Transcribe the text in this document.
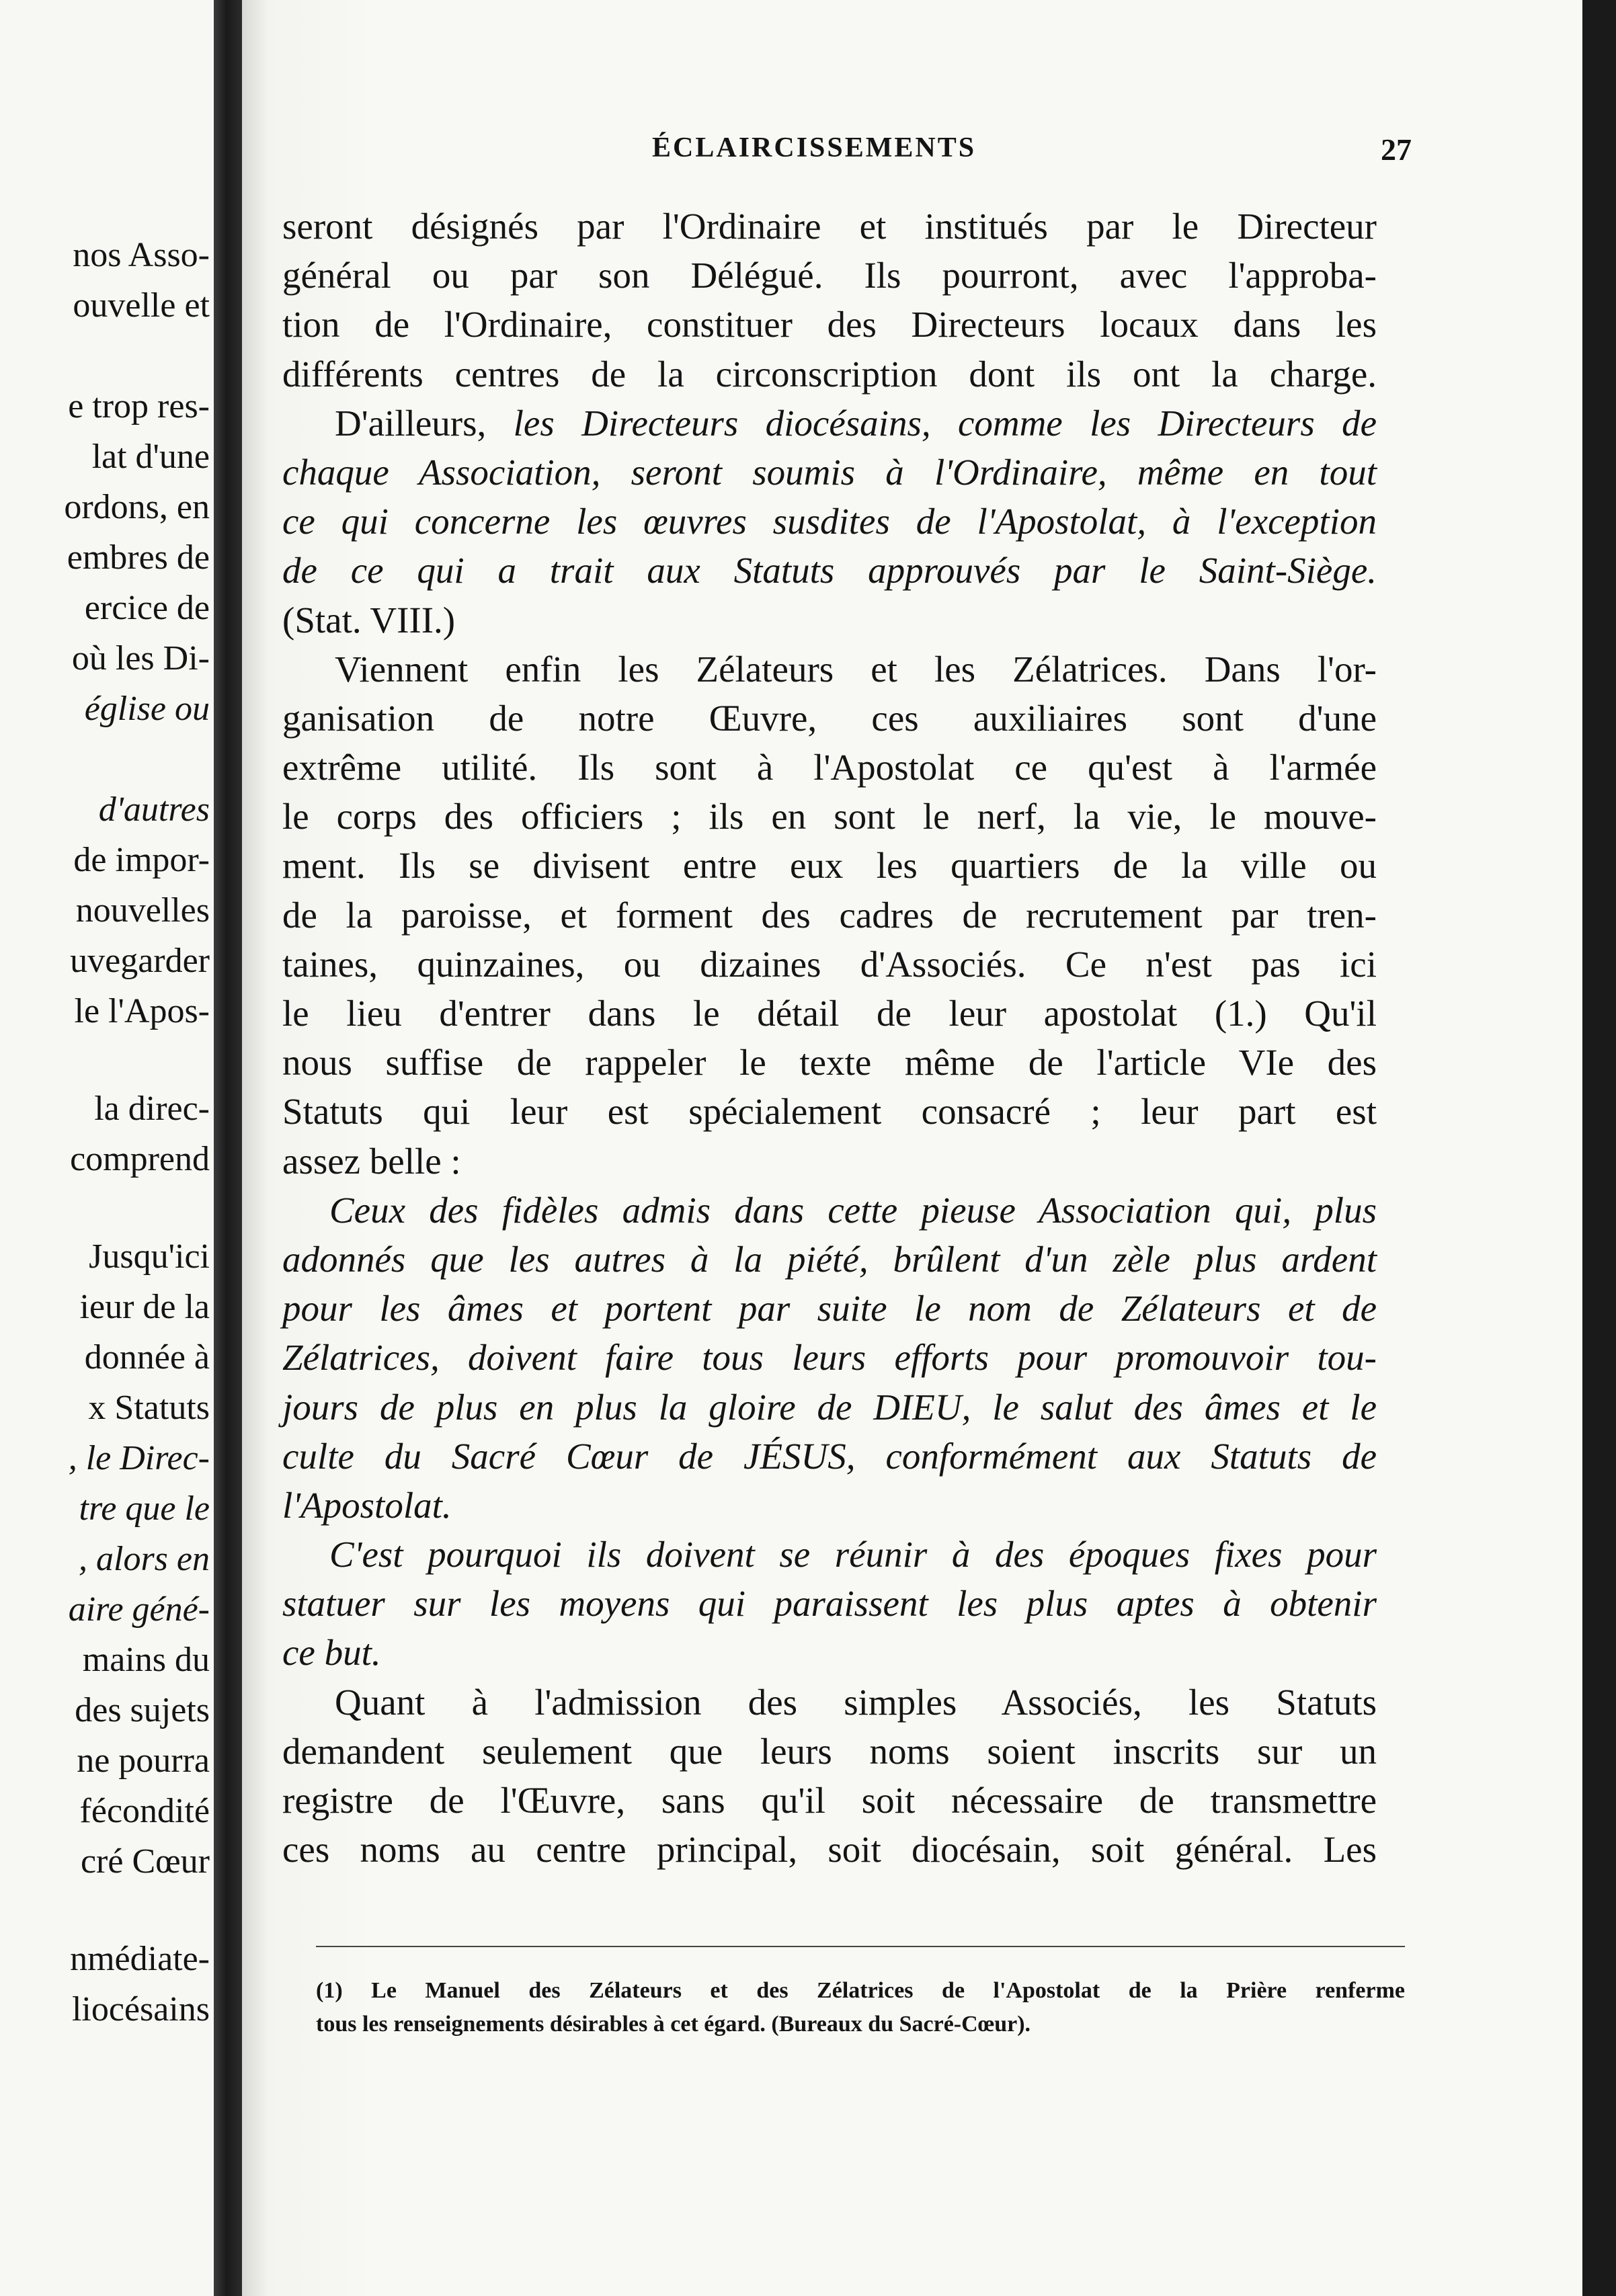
nos Asso-
ouvelle et
e trop res-
lat d'une
ordons, en
embres de
ercice de
où les Di-
église ou
d'autres
de impor-
nouvelles
uvegarder
le l'Apos-
la direc-
comprend
Jusqu'ici
ieur de la
donnée à
x Statuts
, le Direc-
tre que le
, alors en
aire géné-
mains du
des sujets
ne pourra
fécondité
cré Cœur
nmédiate-
liocésains
ÉCLAIRCISSEMENTS	27
seront désignés par l'Ordinaire et institués par le Directeur
général ou par son Délégué. Ils pourront, avec l'approba-
tion de l'Ordinaire, constituer des Directeurs locaux dans les
différents centres de la circonscription dont ils ont la charge.
D'ailleurs, les Directeurs diocésains, comme les Directeurs de
chaque Association, seront soumis à l'Ordinaire, même en tout
ce qui concerne les œuvres susdites de l'Apostolat, à l'exception
de ce qui a trait aux Statuts approuvés par le Saint-Siège.
(Stat. VIII.)
Viennent enfin les Zélateurs et les Zélatrices. Dans l'or-
ganisation de notre Œuvre, ces auxiliaires sont d'une
extrême utilité. Ils sont à l'Apostolat ce qu'est à l'armée
le corps des officiers ; ils en sont le nerf, la vie, le mouve-
ment. Ils se divisent entre eux les quartiers de la ville ou
de la paroisse, et forment des cadres de recrutement par tren-
taines, quinzaines, ou dizaines d'Associés. Ce n'est pas ici
le lieu d'entrer dans le détail de leur apostolat (1.) Qu'il
nous suffise de rappeler le texte même de l'article VIe des
Statuts qui leur est spécialement consacré ; leur part est
assez belle :
Ceux des fidèles admis dans cette pieuse Association qui, plus
adonnés que les autres à la piété, brûlent d'un zèle plus ardent
pour les âmes et portent par suite le nom de Zélateurs et de
Zélatrices, doivent faire tous leurs efforts pour promouvoir tou-
jours de plus en plus la gloire de DIEU, le salut des âmes et le
culte du Sacré Cœur de JÉSUS, conformément aux Statuts de
l'Apostolat.
C'est pourquoi ils doivent se réunir à des époques fixes pour
statuer sur les moyens qui paraissent les plus aptes à obtenir
ce but.
Quant à l'admission des simples Associés, les Statuts
demandent seulement que leurs noms soient inscrits sur un
registre de l'Œuvre, sans qu'il soit nécessaire de transmettre
ces noms au centre principal, soit diocésain, soit général. Les
(1) Le Manuel des Zélateurs et des Zélatrices de l'Apostolat de la Prière renferme
tous les renseignements désirables à cet égard. (Bureaux du Sacré-Cœur).
